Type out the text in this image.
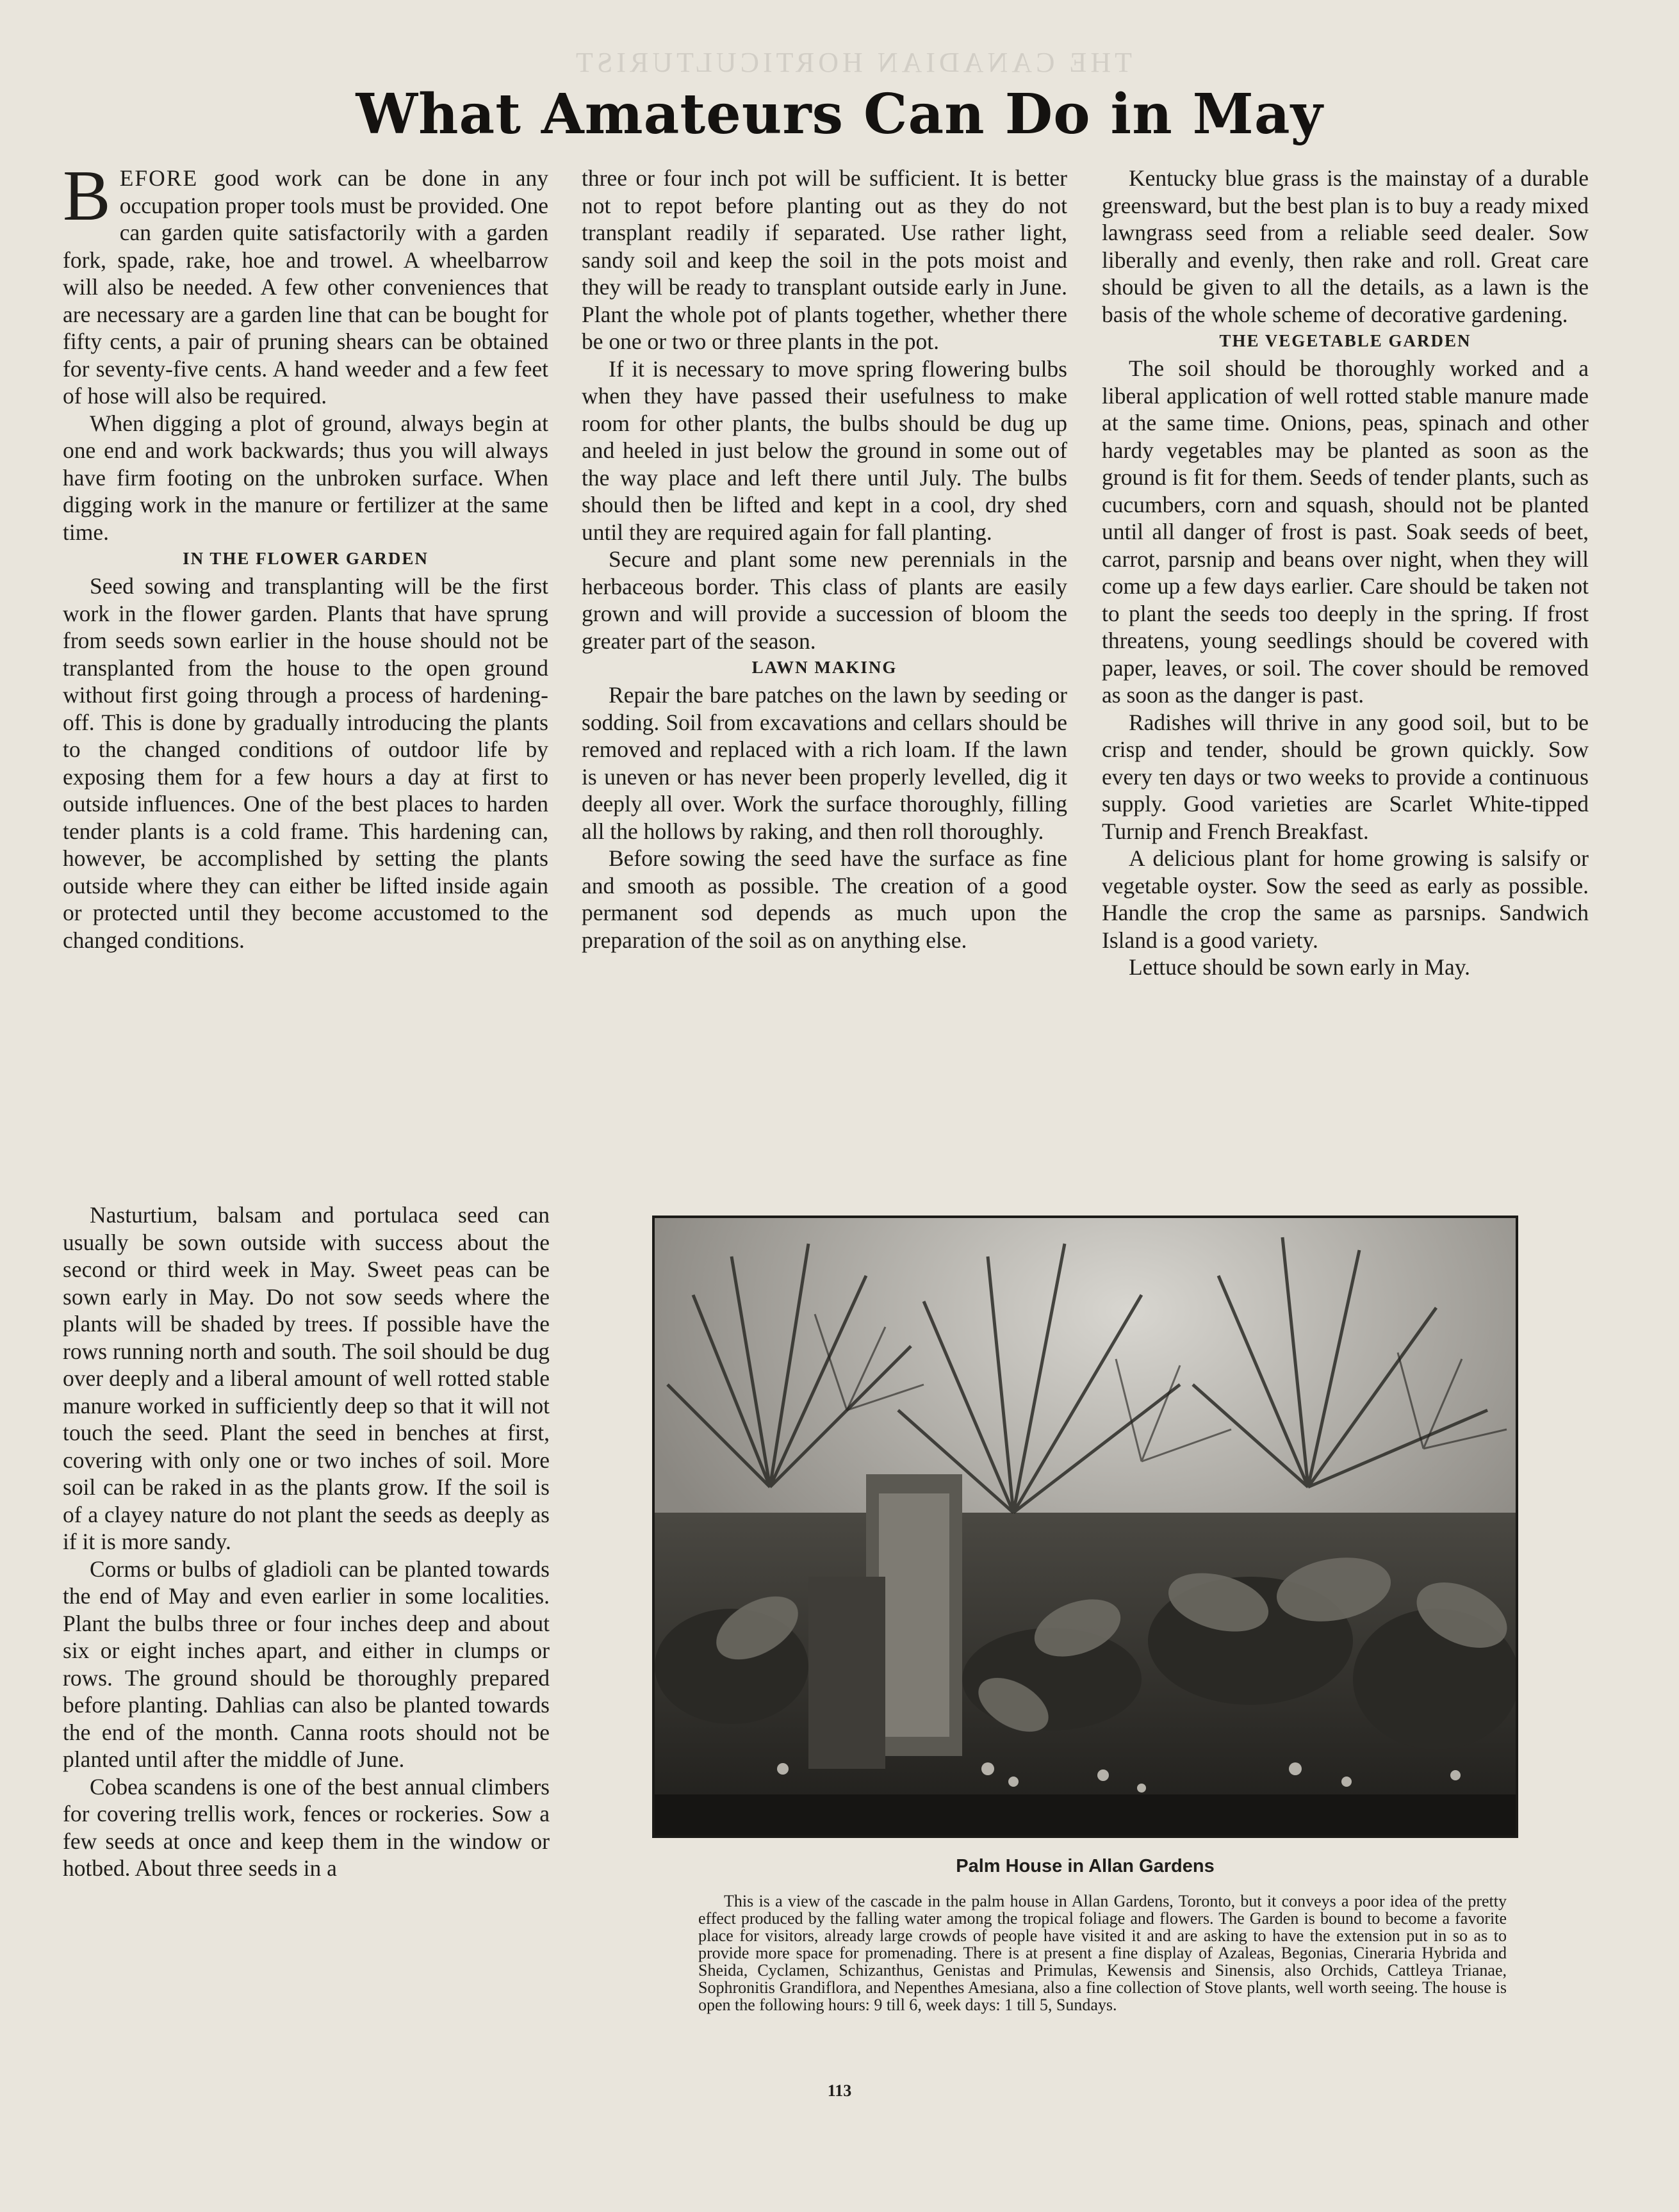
THE CANADIAN HORTICULTURIST
What Amateurs Can Do in May

BEFORE good work can be done in any occupation proper tools must be provided. One can garden quite satisfactorily with a garden fork, spade, rake, hoe and trowel. A wheelbarrow will also be needed. A few other conveniences that are necessary are a garden line that can be bought for fifty cents, a pair of pruning shears can be obtained for seventy-five cents. A hand weeder and a few feet of hose will also be required.

When digging a plot of ground, always begin at one end and work backwards; thus you will always have firm footing on the unbroken surface. When digging work in the manure or fertilizer at the same time.

IN THE FLOWER GARDEN

Seed sowing and transplanting will be the first work in the flower garden. Plants that have sprung from seeds sown earlier in the house should not be transplanted from the house to the open ground without first going through a process of hardening-off. This is done by gradually introducing the plants to the changed conditions of outdoor life by exposing them for a few hours a day at first to outside influences. One of the best places to harden tender plants is a cold frame. This hardening can, however, be accomplished by setting the plants outside where they can either be lifted inside again or protected until they become accustomed to the changed conditions.

Nasturtium, balsam and portulaca seed can usually be sown outside with success about the second or third week in May. Sweet peas can be sown early in May. Do not sow seeds where the plants will be shaded by trees. If possible have the rows running north and south. The soil should be dug over deeply and a liberal amount of well rotted stable manure worked in sufficiently deep so that it will not touch the seed. Plant the seed in benches at first, covering with only one or two inches of soil. More soil can be raked in as the plants grow. If the soil is of a clayey nature do not plant the seeds as deeply as if it is more sandy.

Corms or bulbs of gladioli can be planted towards the end of May and even earlier in some localities. Plant the bulbs three or four inches deep and about six or eight inches apart, and either in clumps or rows. The ground should be thoroughly prepared before planting. Dahlias can also be planted towards the end of the month. Canna roots should not be planted until after the middle of June.

Cobea scandens is one of the best annual climbers for covering trellis work, fences or rockeries. Sow a few seeds at once and keep them in the window or hotbed. About three seeds in a

three or four inch pot will be sufficient. It is better not to repot before planting out as they do not transplant readily if separated. Use rather light, sandy soil and keep the soil in the pots moist and they will be ready to transplant outside early in June. Plant the whole pot of plants together, whether there be one or two or three plants in the pot.

If it is necessary to move spring flowering bulbs when they have passed their usefulness to make room for other plants, the bulbs should be dug up and heeled in just below the ground in some out of the way place and left there until July. The bulbs should then be lifted and kept in a cool, dry shed until they are required again for fall planting.

Secure and plant some new perennials in the herbaceous border. This class of plants are easily grown and will provide a succession of bloom the greater part of the season.

LAWN MAKING

Repair the bare patches on the lawn by seeding or sodding. Soil from excavations and cellars should be removed and replaced with a rich loam. If the lawn is uneven or has never been properly levelled, dig it deeply all over. Work the surface thoroughly, filling all the hollows by raking, and then roll thoroughly.

Before sowing the seed have the surface as fine and smooth as possible. The creation of a good permanent sod depends as much upon the preparation of the soil as on anything else.

Kentucky blue grass is the mainstay of a durable greensward, but the best plan is to buy a ready mixed lawngrass seed from a reliable seed dealer. Sow liberally and evenly, then rake and roll. Great care should be given to all the details, as a lawn is the basis of the whole scheme of decorative gardening.

THE VEGETABLE GARDEN

The soil should be thoroughly worked and a liberal application of well rotted stable manure made at the same time. Onions, peas, spinach and other hardy vegetables may be planted as soon as the ground is fit for them. Seeds of tender plants, such as cucumbers, corn and squash, should not be planted until all danger of frost is past. Soak seeds of beet, carrot, parsnip and beans over night, when they will come up a few days earlier. Care should be taken not to plant the seeds too deeply in the spring. If frost threatens, young seedlings should be covered with paper, leaves, or soil. The cover should be removed as soon as the danger is past.

Radishes will thrive in any good soil, but to be crisp and tender, should be grown quickly. Sow every ten days or two weeks to provide a continuous supply. Good varieties are Scarlet White-tipped Turnip and French Breakfast.

A delicious plant for home growing is salsify or vegetable oyster. Sow the seed as early as possible. Handle the crop the same as parsnips. Sandwich Island is a good variety.

Lettuce should be sown early in May.

Palm House in Allan Gardens

This is a view of the cascade in the palm house in Allan Gardens, Toronto, but it conveys a poor idea of the pretty effect produced by the falling water among the tropical foliage and flowers. The Garden is bound to become a favorite place for visitors, already large crowds of people have visited it and are asking to have the extension put in so as to provide more space for promenading. There is at present a fine display of Azaleas, Begonias, Cineraria Hybrida and Sheida, Cyclamen, Schizanthus, Genistas and Primulas, Kewensis and Sinensis, also Orchids, Cattleya Trianae, Sophronitis Grandiflora, and Nepenthes Amesiana, also a fine collection of Stove plants, well worth seeing. The house is open the following hours: 9 till 6, week days: 1 till 5, Sundays.

113
